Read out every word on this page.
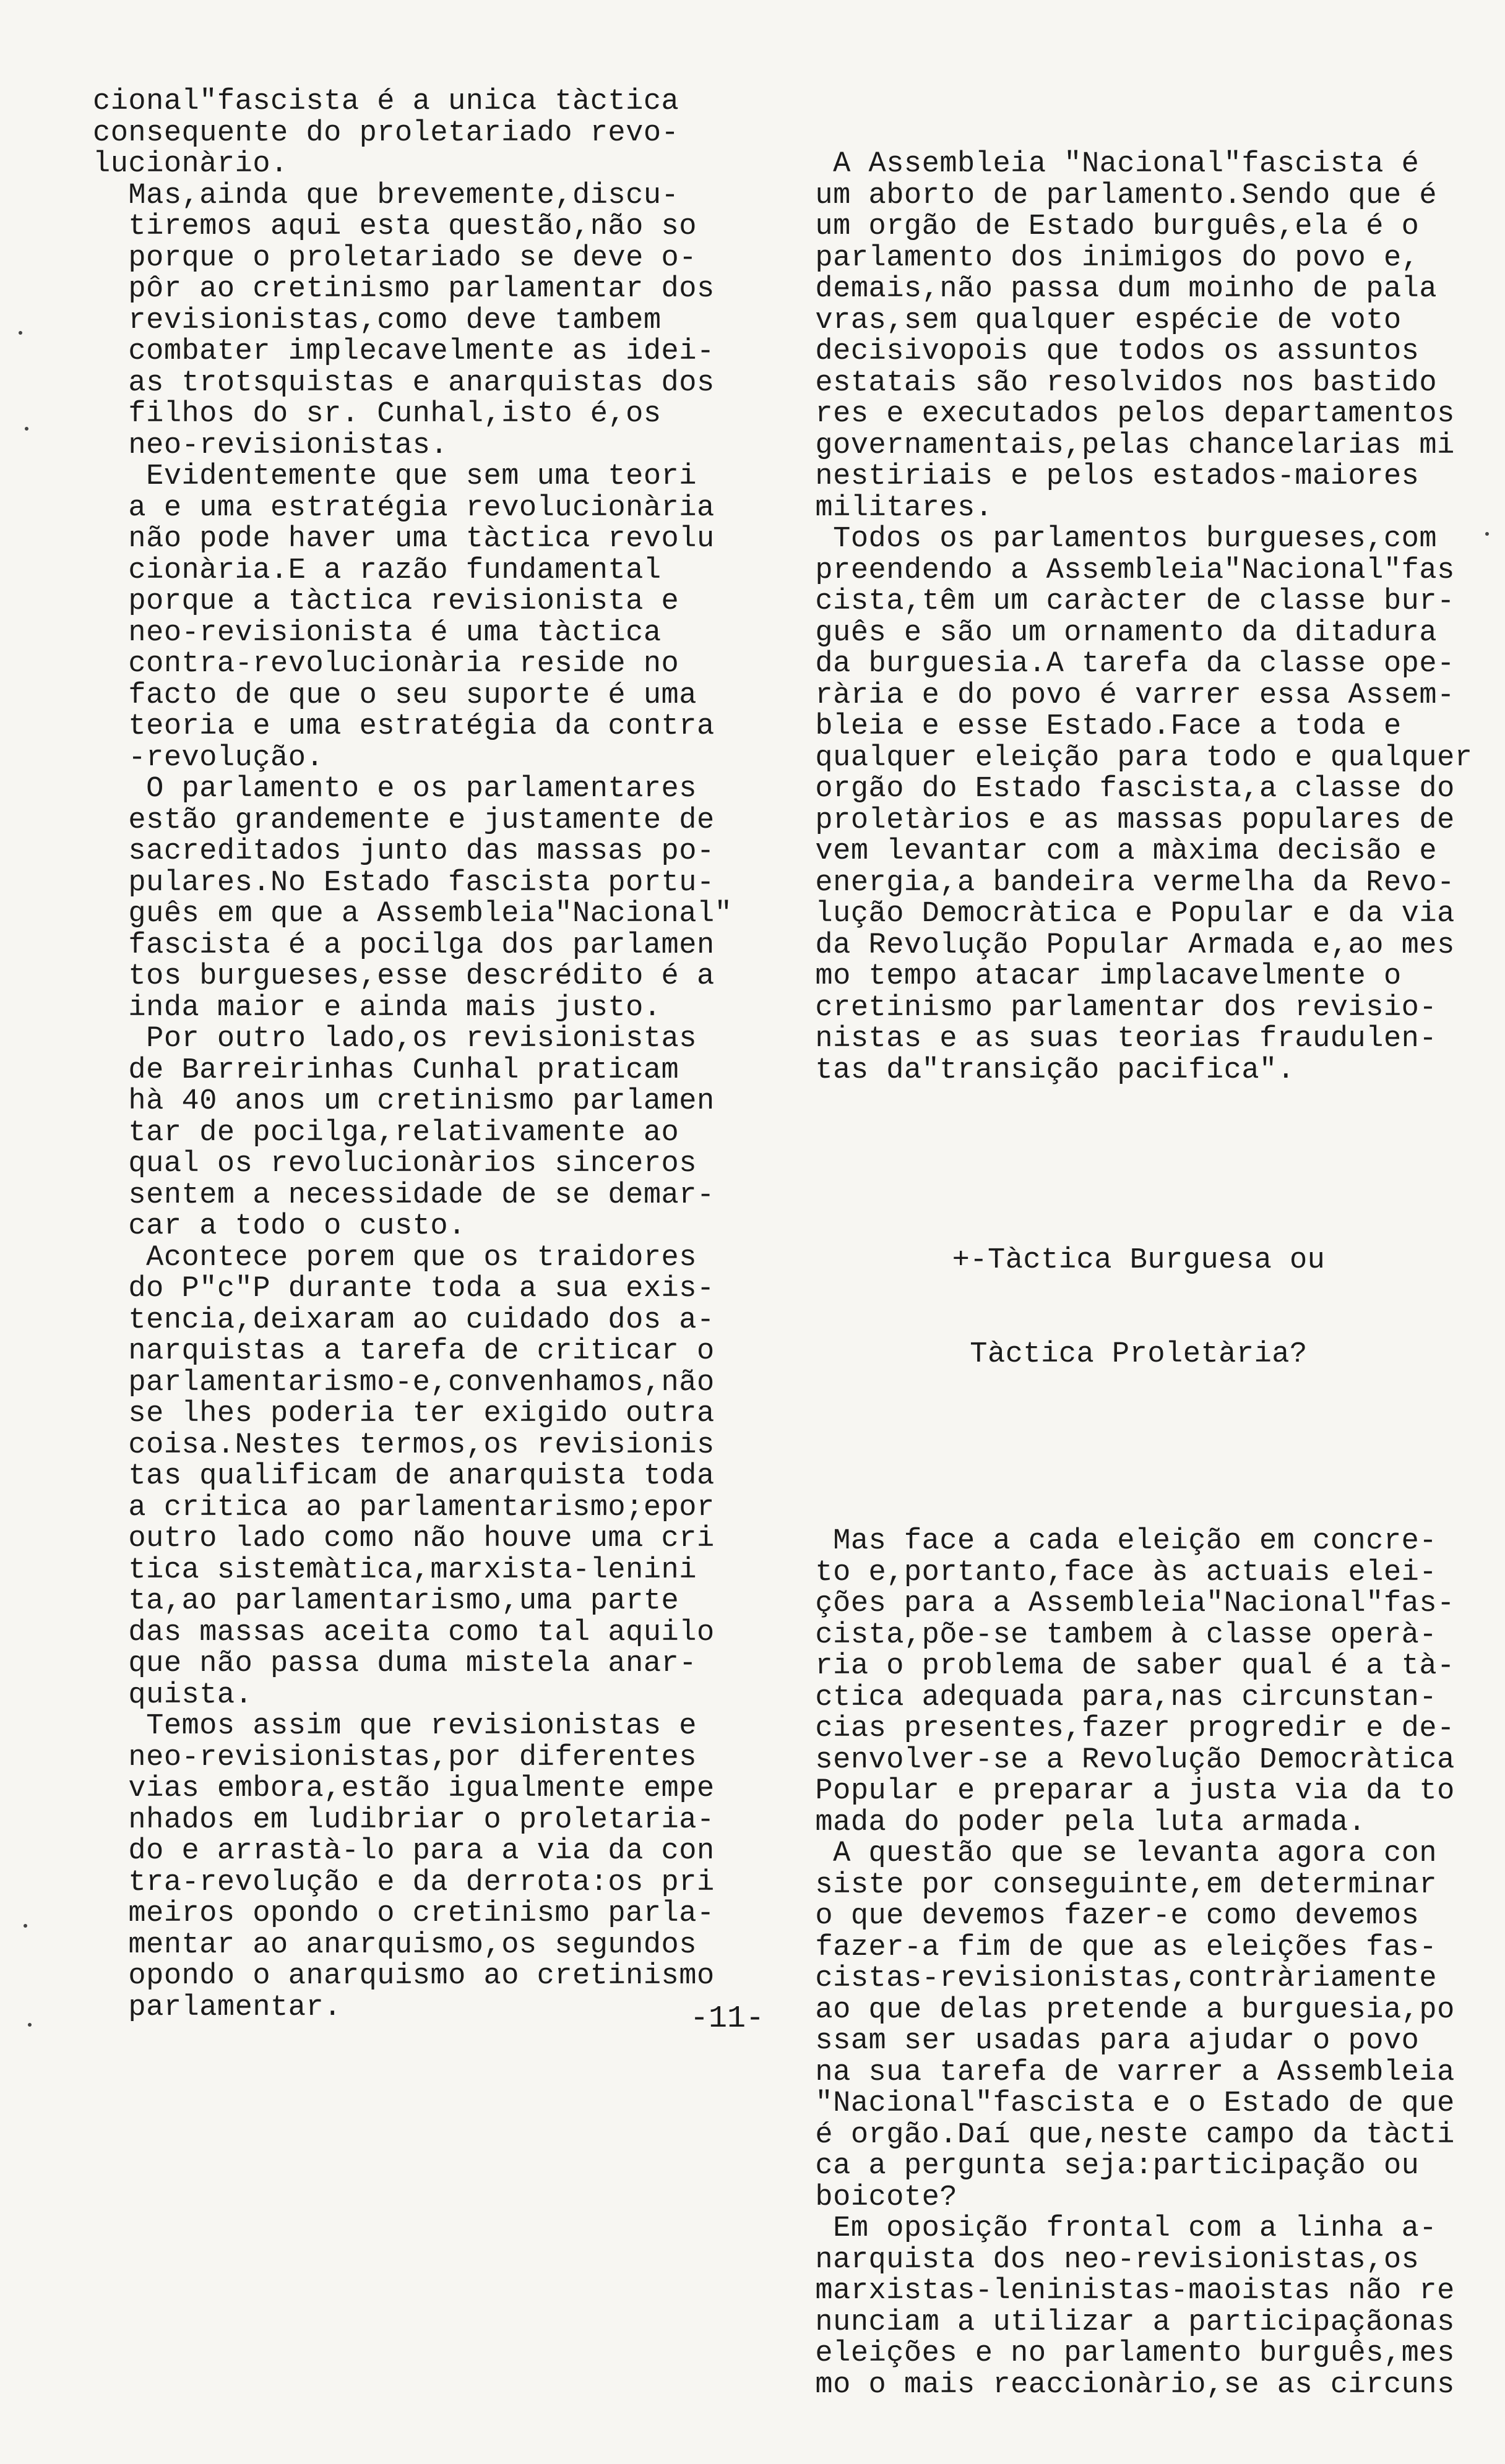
cional"fascista é a unica tàctica
consequente do proletariado revo-
lucionàrio.
Mas,ainda que brevemente,discu-
tiremos aqui esta questão,não so
porque o proletariado se deve o-
pôr ao cretinismo parlamentar dos
revisionistas,como deve tambem
combater implecavelmente as idei-
as trotsquistas e anarquistas dos
filhos do sr. Cunhal,isto é,os
neo-revisionistas.
Evidentemente que sem uma teori
a e uma estratégia revolucionària
não pode haver uma tàctica revolu
cionària.E a razão fundamental
porque a tàctica revisionista e
neo-revisionista é uma tàctica
contra-revolucionària reside no
facto de que o seu suporte é uma
teoria e uma estratégia da contra
-revolução.
O parlamento e os parlamentares
estão grandemente e justamente de
sacreditados junto das massas po-
pulares.No Estado fascista portu-
guês em que a Assembleia"Nacional"
fascista é a pocilga dos parlamen
tos burgueses,esse descrédito é a
inda maior e ainda mais justo.
Por outro lado,os revisionistas
de Barreirinhas Cunhal praticam
hà 40 anos um cretinismo parlamen
tar de pocilga,relativamente ao
qual os revolucionàrios sinceros
sentem a necessidade de se demar-
car a todo o custo.
Acontece porem que os traidores
do P"c"P durante toda a sua exis-
tencia,deixaram ao cuidado dos a-
narquistas a tarefa de criticar o
parlamentarismo-e,convenhamos,não
se lhes poderia ter exigido outra
coisa.Nestes termos,os revisionis
tas qualificam de anarquista toda
a critica ao parlamentarismo;epor
outro lado como não houve uma cri
tica sistemàtica,marxista-lenini
ta,ao parlamentarismo,uma parte
das massas aceita como tal aquilo
que não passa duma mistela anar-
quista.
Temos assim que revisionistas e
neo-revisionistas,por diferentes
vias embora,estão igualmente empe
nhados em ludibriar o proletaria-
do e arrastà-lo para a via da con
tra-revolução e da derrota:os pri
meiros opondo o cretinismo parla-
mentar ao anarquismo,os segundos
opondo o anarquismo ao cretinismo
parlamentar.

A Assembleia "Nacional"fascista é
um aborto de parlamento.Sendo que é
um orgão de Estado burguês,ela é o
parlamento dos inimigos do povo e,
demais,não passa dum moinho de pala
vras,sem qualquer espécie de voto
decisivopois que todos os assuntos
estatais são resolvidos nos bastido
res e executados pelos departamentos
governamentais,pelas chancelarias mi
nestiriais e pelos estados-maiores
militares.
Todos os parlamentos burgueses,com
preendendo a Assembleia"Nacional"fas
cista,têm um caràcter de classe bur-
guês e são um ornamento da ditadura
da burguesia.A tarefa da classe ope-
rària e do povo é varrer essa Assem-
bleia e esse Estado.Face a toda e
qualquer eleição para todo e qualquer
orgão do Estado fascista,a classe do
proletàrios e as massas populares de
vem levantar com a màxima decisão e
energia,a bandeira vermelha da Revo-
lução Democràtica e Popular e da via
da Revolução Popular Armada e,ao mes
mo tempo atacar implacavelmente o
cretinismo parlamentar dos revisio-
nistas e as suas teorias fraudulen-
tas da"transição pacifica".

+-Tàctica Burguesa ou

Tàctica Proletària?

Mas face a cada eleição em concre-
to e,portanto,face às actuais elei-
ções para a Assembleia"Nacional"fas-
cista,põe-se tambem à classe operà-
ria o problema de saber qual é a tà-
ctica adequada para,nas circunstan-
cias presentes,fazer progredir e de-
senvolver-se a Revolução Democràtica
Popular e preparar a justa via da to
mada do poder pela luta armada.
A questão que se levanta agora con
siste por conseguinte,em determinar
o que devemos fazer-e como devemos
fazer-a fim de que as eleições fas-
cistas-revisionistas,contràriamente
ao que delas pretende a burguesia,po
ssam ser usadas para ajudar o povo
na sua tarefa de varrer a Assembleia
"Nacional"fascista e o Estado de que
é orgão.Daí que,neste campo da tàcti
ca a pergunta seja:participação ou
boicote?
Em oposição frontal com a linha a-
narquista dos neo-revisionistas,os
marxistas-leninistas-maoistas não re
nunciam a utilizar a participaçãonas
eleições e no parlamento burguês,mes
mo o mais reaccionàrio,se as circuns

-11-
